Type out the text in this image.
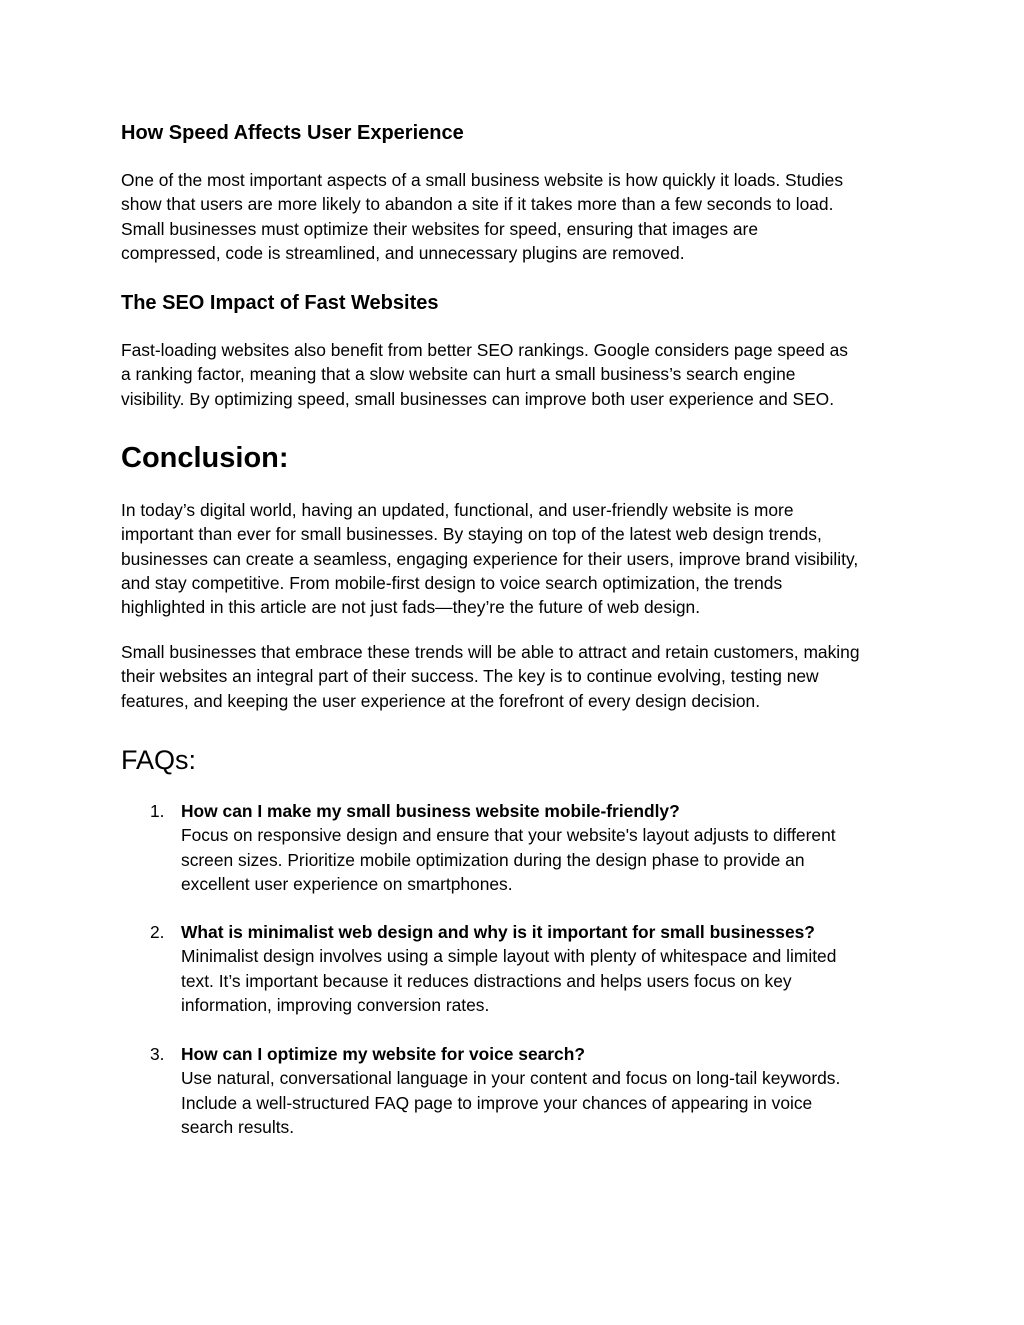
How Speed Affects User Experience
One of the most important aspects of a small business website is how quickly it loads. Studies
show that users are more likely to abandon a site if it takes more than a few seconds to load.
Small businesses must optimize their websites for speed, ensuring that images are
compressed, code is streamlined, and unnecessary plugins are removed.
The SEO Impact of Fast Websites
Fast-loading websites also benefit from better SEO rankings. Google considers page speed as
a ranking factor, meaning that a slow website can hurt a small business’s search engine
visibility. By optimizing speed, small businesses can improve both user experience and SEO.
Conclusion:
In today’s digital world, having an updated, functional, and user-friendly website is more
important than ever for small businesses. By staying on top of the latest web design trends,
businesses can create a seamless, engaging experience for their users, improve brand visibility,
and stay competitive. From mobile-first design to voice search optimization, the trends
highlighted in this article are not just fads—they’re the future of web design.
Small businesses that embrace these trends will be able to attract and retain customers, making
their websites an integral part of their success. The key is to continue evolving, testing new
features, and keeping the user experience at the forefront of every design decision.
FAQs:
1. How can I make my small business website mobile-friendly?
Focus on responsive design and ensure that your website's layout adjusts to different
screen sizes. Prioritize mobile optimization during the design phase to provide an
excellent user experience on smartphones.
2. What is minimalist web design and why is it important for small businesses?
Minimalist design involves using a simple layout with plenty of whitespace and limited
text. It’s important because it reduces distractions and helps users focus on key
information, improving conversion rates.
3. How can I optimize my website for voice search?
Use natural, conversational language in your content and focus on long-tail keywords.
Include a well-structured FAQ page to improve your chances of appearing in voice
search results.
